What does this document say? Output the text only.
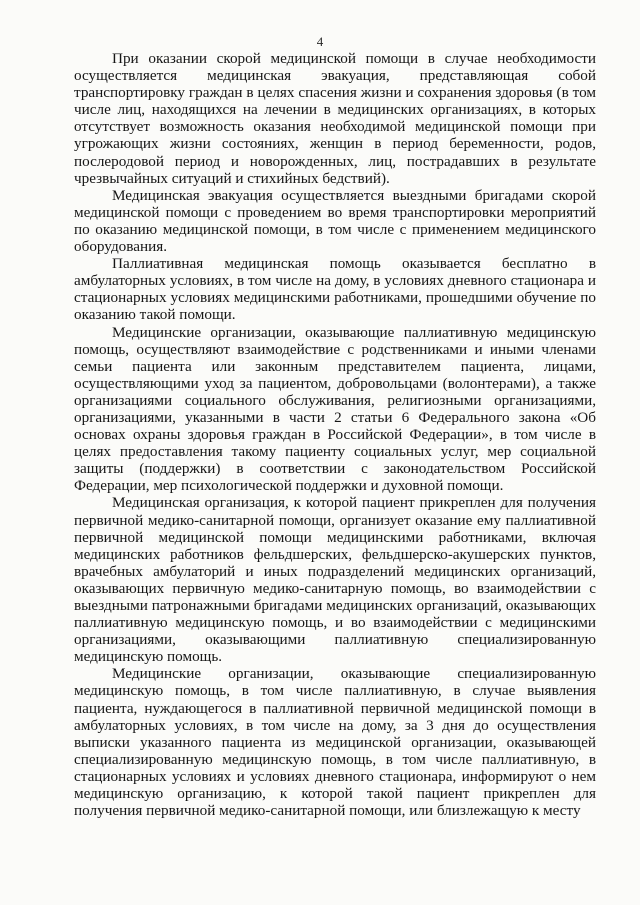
4

При оказании скорой медицинской помощи в случае необходимости осуществляется медицинская эвакуация, представляющая собой транспортировку граждан в целях спасения жизни и сохранения здоровья (в том числе лиц, находящихся на лечении в медицинских организациях, в которых отсутствует возможность оказания необходимой медицинской помощи при угрожающих жизни состояниях, женщин в период беременности, родов, послеродовой период и новорожденных, лиц, пострадавших в результате чрезвычайных ситуаций и стихийных бедствий).

Медицинская эвакуация осуществляется выездными бригадами скорой медицинской помощи с проведением во время транспортировки мероприятий по оказанию медицинской помощи, в том числе с применением медицинского оборудования.

Паллиативная медицинская помощь оказывается бесплатно в амбулаторных условиях, в том числе на дому, в условиях дневного стационара и стационарных условиях медицинскими работниками, прошедшими обучение по оказанию такой помощи.

Медицинские организации, оказывающие паллиативную медицинскую помощь, осуществляют взаимодействие с родственниками и иными членами семьи пациента или законным представителем пациента, лицами, осуществляющими уход за пациентом, добровольцами (волонтерами), а также организациями социального обслуживания, религиозными организациями, организациями, указанными в части 2 статьи 6 Федерального закона «Об основах охраны здоровья граждан в Российской Федерации», в том числе в целях предоставления такому пациенту социальных услуг, мер социальной защиты (поддержки) в соответствии с законодательством Российской Федерации, мер психологической поддержки и духовной помощи.

Медицинская организация, к которой пациент прикреплен для получения первичной медико-санитарной помощи, организует оказание ему паллиативной первичной медицинской помощи медицинскими работниками, включая медицинских работников фельдшерских, фельдшерско-акушерских пунктов, врачебных амбулаторий и иных подразделений медицинских организаций, оказывающих первичную медико-санитарную помощь, во взаимодействии с выездными патронажными бригадами медицинских организаций, оказывающих паллиативную медицинскую помощь, и во взаимодействии с медицинскими организациями, оказывающими паллиативную специализированную медицинскую помощь.

Медицинские организации, оказывающие специализированную медицинскую помощь, в том числе паллиативную, в случае выявления пациента, нуждающегося в паллиативной первичной медицинской помощи в амбулаторных условиях, в том числе на дому, за 3 дня до осуществления выписки указанного пациента из медицинской организации, оказывающей специализированную медицинскую помощь, в том числе паллиативную, в стационарных условиях и условиях дневного стационара, информируют о нем медицинскую организацию, к которой такой пациент прикреплен для получения первичной медико-санитарной помощи, или близлежащую к месту
